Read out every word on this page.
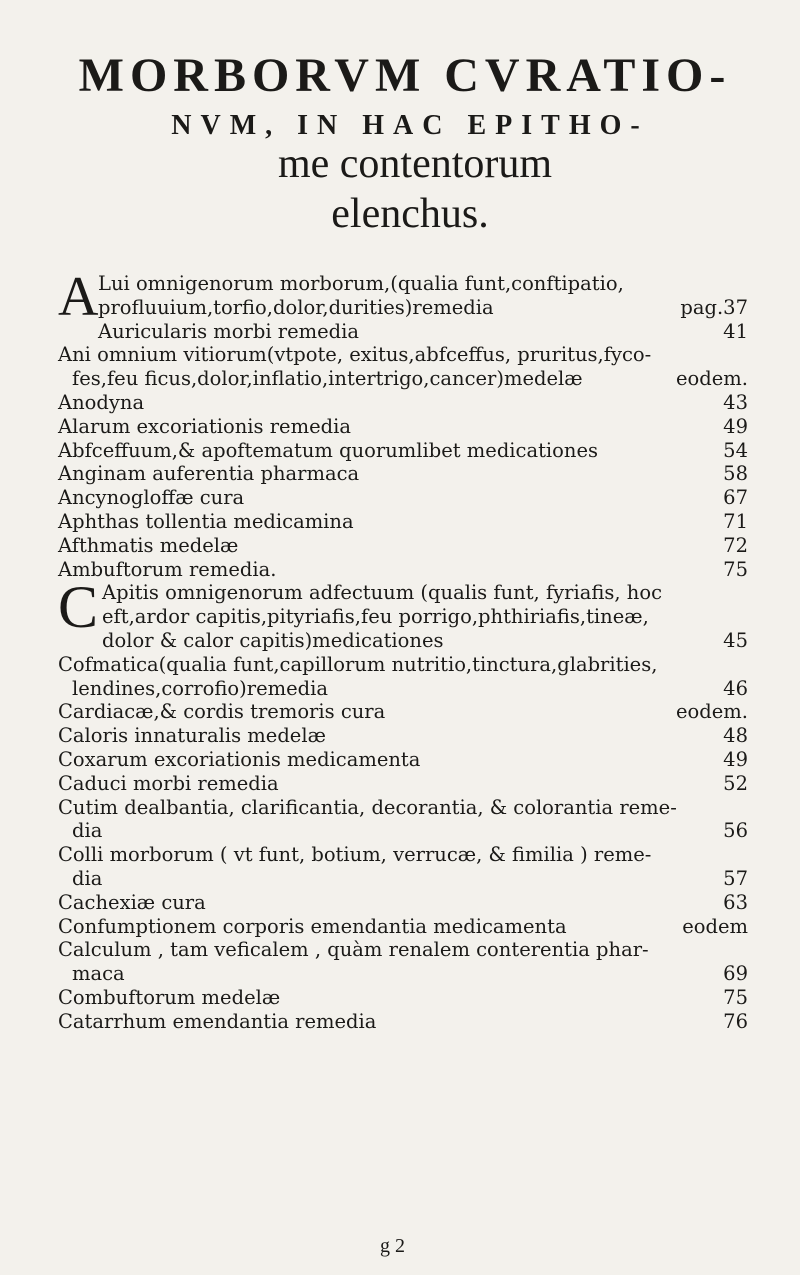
MORBORVM CVRATIO-
NVM, IN HAC EPITHO-
me contentorum
elenchus.
A Lui omnigenorum morborum,(qualia funt,conftipatio,
profluuium,torfio,dolor,durities)remedia	pag.37
Auricularis morbi remedia	41
Ani omnium vitiorum(vtpote, exitus,abfceffus, pruritus,fyco-
fes,feu ficus,dolor,inflatio,intertrigo,cancer)medelæ	eodem.
Anodyna	43
Alarum excoriationis remedia	49
Abfceffuum,& apoftematum quorumlibet medicationes	54
Anginam auferentia pharmaca	58
Ancynogloffæ cura	67
Aphthas tollentia medicamina	71
Afthmatis medelæ	72
Ambuftorum remedia.	75
C Apitis omnigenorum adfectuum (qualis funt, fyriafis, hoc
eft,ardor capitis,pityriafis,feu porrigo,phthiriafis,tineæ,
dolor & calor capitis)medicationes	45
Cofmatica(qualia funt,capillorum nutritio,tinctura,glabrities,
lendines,corrofio)remedia	46
Cardiacæ,& cordis tremoris cura	eodem.
Caloris innaturalis medelæ	48
Coxarum excoriationis medicamenta	49
Caduci morbi remedia	52
Cutim dealbantia, clarificantia, decorantia, & colorantia reme-
dia	56
Colli morborum ( vt funt, botium, verrucæ, & fimilia ) reme-
dia	57
Cachexiæ cura	63
Confumptionem corporis emendantia medicamenta	eodem
Calculum , tam veficalem , quàm renalem conterentia phar-
maca	69
Combuftorum medelæ	75
Catarrhum emendantia remedia	76
g 2
